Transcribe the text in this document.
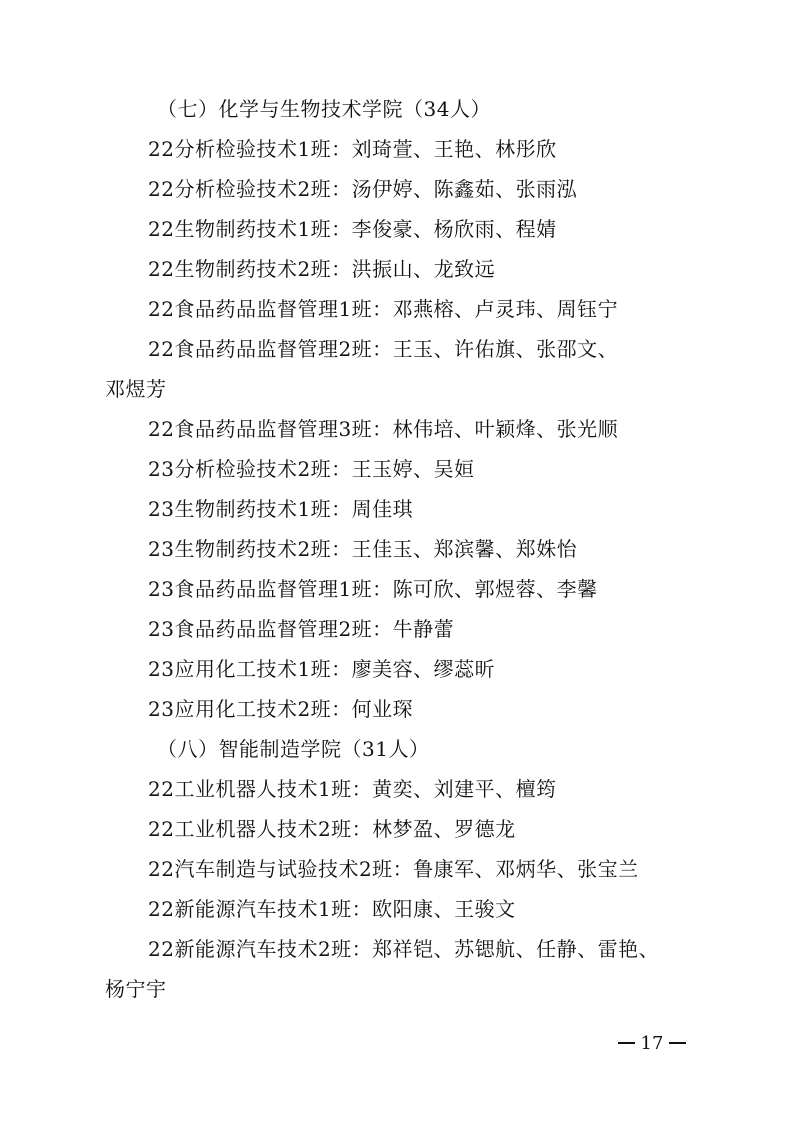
（七）化学与生物技术学院（34人）
22分析检验技术1班：刘琦萱、王艳、林彤欣
22分析检验技术2班：汤伊婷、陈鑫茹、张雨泓
22生物制药技术1班：李俊豪、杨欣雨、程婧
22生物制药技术2班：洪振山、龙致远
22食品药品监督管理1班：邓燕榕、卢灵玮、周钰宁
22食品药品监督管理2班：王玉、许佑旗、张邵文、
邓煜芳
22食品药品监督管理3班：林伟培、叶颖烽、张光顺
23分析检验技术2班：王玉婷、吴姮
23生物制药技术1班：周佳琪
23生物制药技术2班：王佳玉、郑滨馨、郑姝怡
23食品药品监督管理1班：陈可欣、郭煜蓉、李馨
23食品药品监督管理2班：牛静蕾
23应用化工技术1班：廖美容、缪蕊昕
23应用化工技术2班：何业琛
（八）智能制造学院（31人）
22工业机器人技术1班：黄奕、刘建平、檀筠
22工业机器人技术2班：林梦盈、罗德龙
22汽车制造与试验技术2班：鲁康军、邓炳华、张宝兰
22新能源汽车技术1班：欧阳康、王骏文
22新能源汽车技术2班：郑祥铠、苏锶航、任静、雷艳、
杨宁宇
17
